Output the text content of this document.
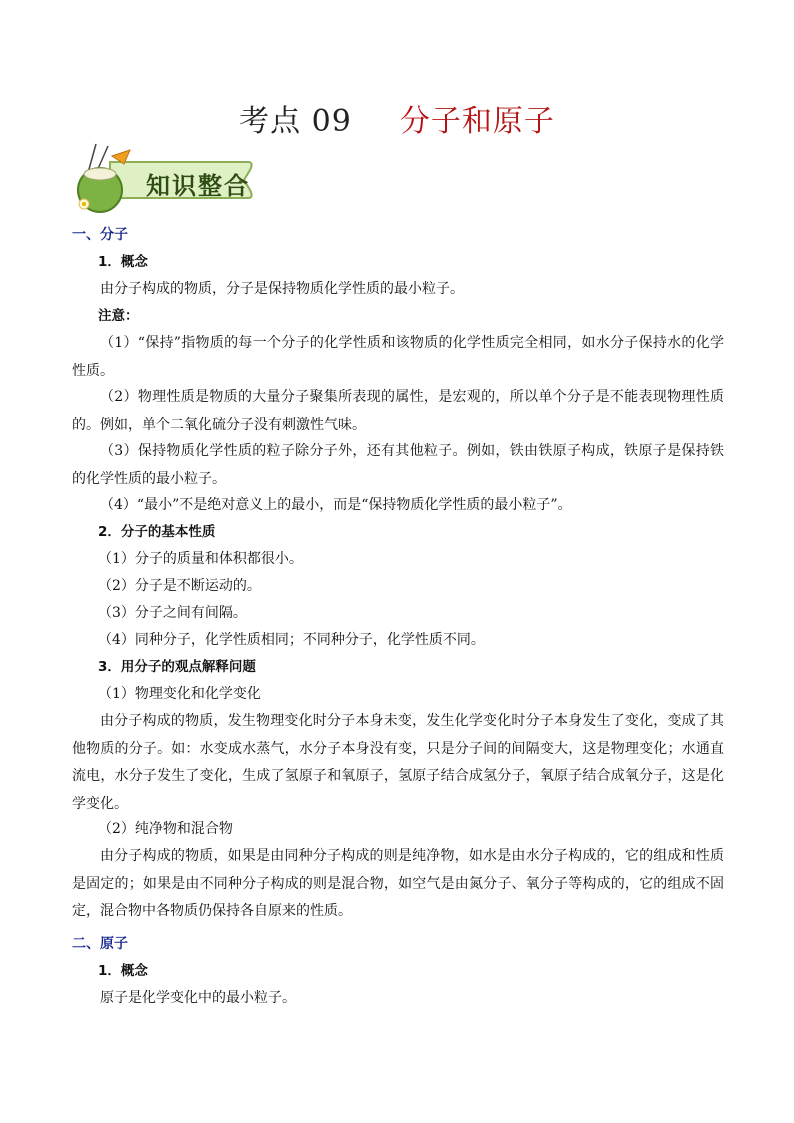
考点 09 分子和原子
知识整合
一、分子
1．概念
由分子构成的物质，分子是保持物质化学性质的最小粒子。
注意：
（1）“保持”指物质的每一个分子的化学性质和该物质的化学性质完全相同，如水分子保持水的化学性质。
（2）物理性质是物质的大量分子聚集所表现的属性，是宏观的，所以单个分子是不能表现物理性质的。例如，单个二氧化硫分子没有刺激性气味。
（3）保持物质化学性质的粒子除分子外，还有其他粒子。例如，铁由铁原子构成，铁原子是保持铁的化学性质的最小粒子。
（4）“最小”不是绝对意义上的最小，而是“保持物质化学性质的最小粒子”。
2．分子的基本性质
（1）分子的质量和体积都很小。
（2）分子是不断运动的。
（3）分子之间有间隔。
（4）同种分子，化学性质相同；不同种分子，化学性质不同。
3．用分子的观点解释问题
（1）物理变化和化学变化
由分子构成的物质，发生物理变化时分子本身未变，发生化学变化时分子本身发生了变化，变成了其他物质的分子。如：水变成水蒸气，水分子本身没有变，只是分子间的间隔变大，这是物理变化；水通直流电，水分子发生了变化，生成了氢原子和氧原子，氢原子结合成氢分子，氧原子结合成氧分子，这是化学变化。
（2）纯净物和混合物
由分子构成的物质，如果是由同种分子构成的则是纯净物，如水是由水分子构成的，它的组成和性质是固定的；如果是由不同种分子构成的则是混合物，如空气是由氮分子、氧分子等构成的，它的组成不固定，混合物中各物质仍保持各自原来的性质。
二、原子
1．概念
原子是化学变化中的最小粒子。
